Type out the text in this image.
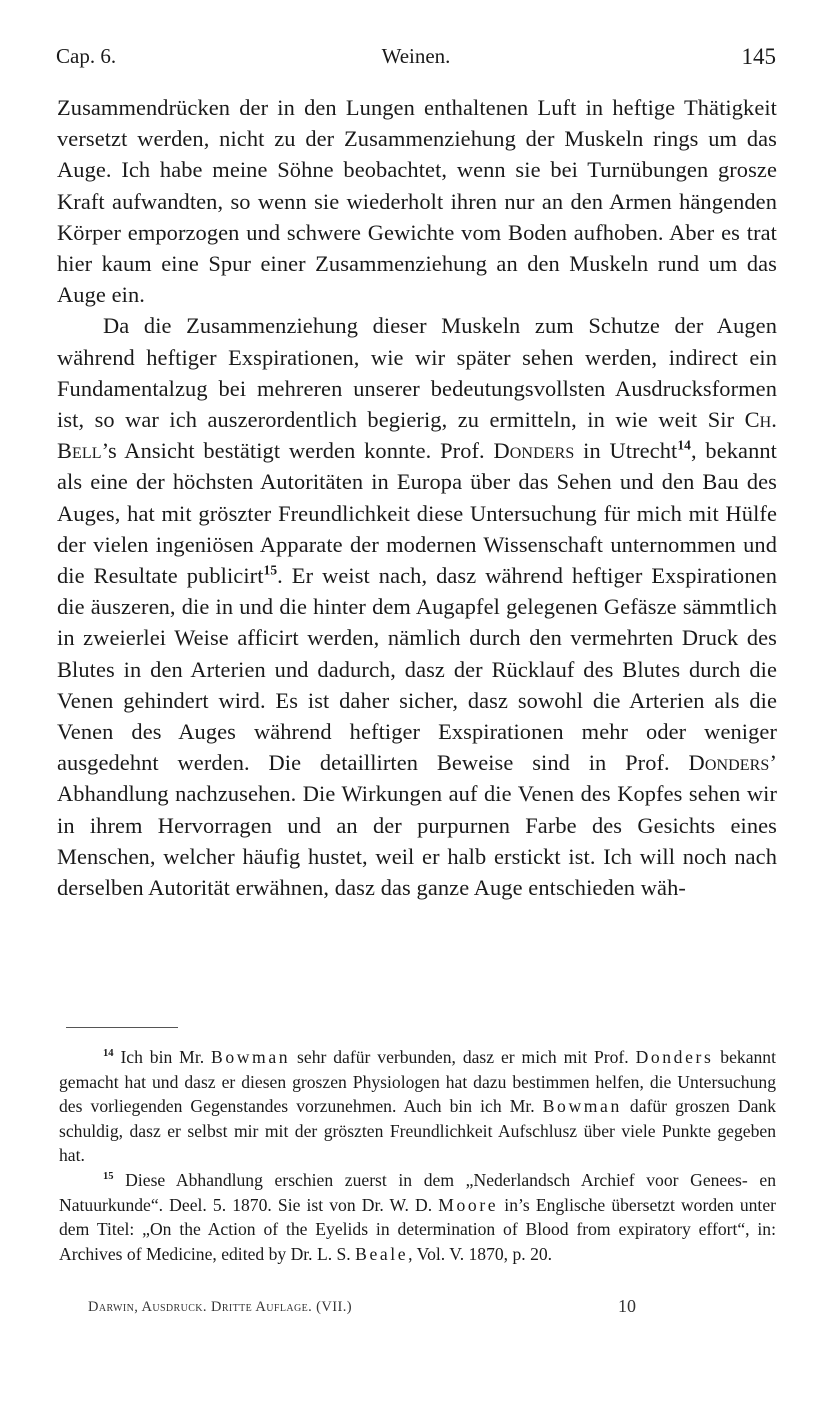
Cap. 6.	Weinen.	145

Zusammendrücken der in den Lungen enthaltenen Luft in heftige Thätigkeit versetzt werden, nicht zu der Zusammenziehung der Muskeln rings um das Auge. Ich habe meine Söhne beobachtet, wenn sie bei Turnübungen grosze Kraft aufwandten, so wenn sie wiederholt ihren nur an den Armen hängenden Körper emporzogen und schwere Gewichte vom Boden aufhoben. Aber es trat hier kaum eine Spur einer Zusammenziehung an den Muskeln rund um das Auge ein.

Da die Zusammenziehung dieser Muskeln zum Schutze der Augen während heftiger Exspirationen, wie wir später sehen werden, indirect ein Fundamentalzug bei mehreren unserer bedeutungsvollsten Ausdrucksformen ist, so war ich auszerordentlich begierig, zu ermitteln, in wie weit Sir Ch. Bell’s Ansicht bestätigt werden konnte. Prof. Donders in Utrecht$^{14}$, bekannt als eine der höchsten Autoritäten in Europa über das Sehen und den Bau des Auges, hat mit gröszter Freundlichkeit diese Untersuchung für mich mit Hülfe der vielen ingeniösen Apparate der modernen Wissenschaft unternommen und die Resultate publicirt$^{15}$. Er weist nach, dasz während heftiger Exspirationen die äuszeren, die in und die hinter dem Augapfel gelegenen Gefäsze sämmtlich in zweierlei Weise afficirt werden, nämlich durch den vermehrten Druck des Blutes in den Arterien und dadurch, dasz der Rücklauf des Blutes durch die Venen gehindert wird. Es ist daher sicher, dasz sowohl die Arterien als die Venen des Auges während heftiger Exspirationen mehr oder weniger ausgedehnt werden. Die detaillirten Beweise sind in Prof. Donders’ Abhandlung nachzusehen. Die Wirkungen auf die Venen des Kopfes sehen wir in ihrem Hervorragen und an der purpurnen Farbe des Gesichts eines Menschen, welcher häufig hustet, weil er halb erstickt ist. Ich will noch nach derselben Autorität erwähnen, dasz das ganze Auge entschieden wäh-

$^{14}$ Ich bin Mr. Bowman sehr dafür verbunden, dasz er mich mit Prof. Donders bekannt gemacht hat und dasz er diesen groszen Physiologen hat dazu bestimmen helfen, die Untersuchung des vorliegenden Gegenstandes vorzunehmen. Auch bin ich Mr. Bowman dafür groszen Dank schuldig, dasz er selbst mir mit der gröszten Freundlichkeit Aufschlusz über viele Punkte gegeben hat.

$^{15}$ Diese Abhandlung erschien zuerst in dem „Nederlandsch Archief voor Genees- en Natuurkunde“. Deel. 5. 1870. Sie ist von Dr. W. D. Moore in’s Englische übersetzt worden unter dem Titel: „On the Action of the Eyelids in determination of Blood from expiratory effort“, in: Archives of Medicine, edited by Dr. L. S. Beale, Vol. V. 1870, p. 20.

Darwin, Ausdruck. Dritte Auflage. (VII.)	10
